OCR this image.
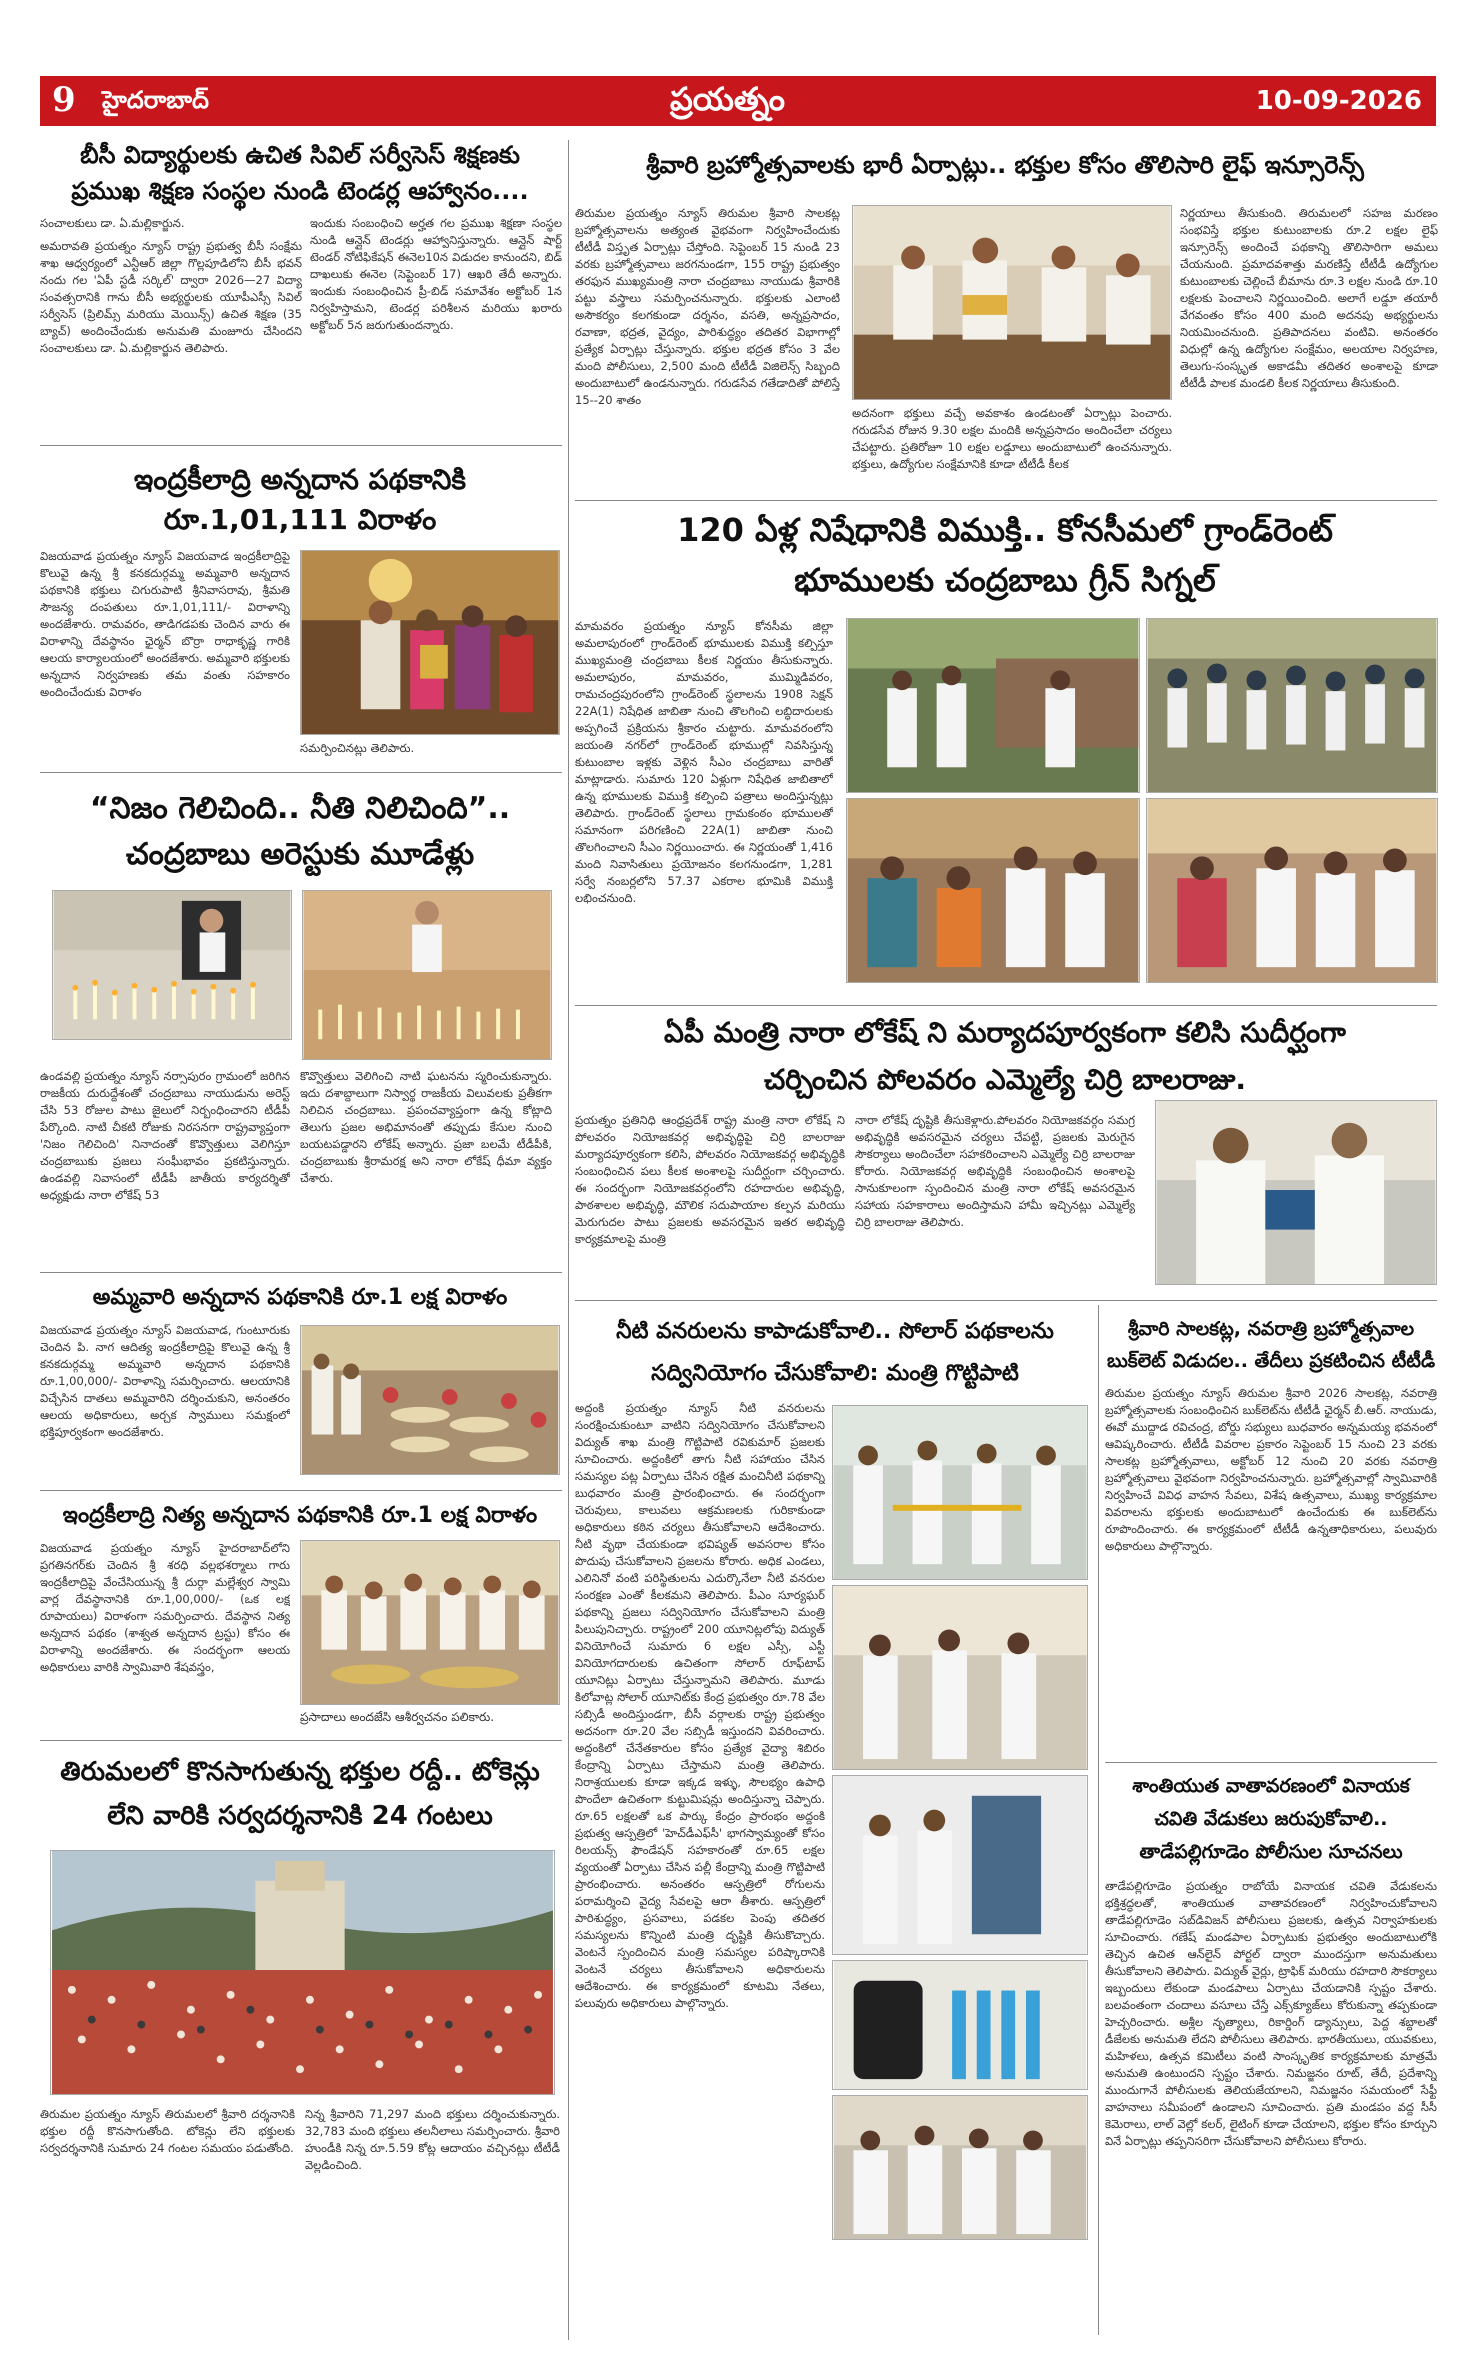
9 హైదరాబాద్	ప్రయత్నం	10-09-2026
బీసీ విద్యార్థులకు ఉచిత సివిల్ సర్వీసెస్ శిక్షణకు
ప్రముఖ శిక్షణ సంస్థల నుండి టెండర్ల ఆహ్వానం....
సంచాలకులు డా. ఏ.మల్లికార్జున.
అమరావతి ప్రయత్నం న్యూస్ రాష్ట్ర ప్రభుత్వ బీసీ సంక్షేమ శాఖ ఆధ్వర్యంలో ఎన్టీఆర్ జిల్లా గొల్లపూడిలోని బీసీ భవన్ నందు గల 'ఏపీ స్టడీ సర్కిల్' ద్వారా 2026—27 విద్యా సంవత్సరానికి గాను బీసీ అభ్యర్థులకు యూపీఎస్సీ సివిల్ సర్వీసెస్ (ప్రిలిమ్స్ మరియు మెయిన్స్) ఉచిత శిక్షణ (35 బ్యాచ్) అందించేందుకు అనుమతి మంజూరు చేసిందని సంచాలకులు డా. ఏ.మల్లికార్జున తెలిపారు.
ఇందుకు సంబంధించి అర్హత గల ప్రముఖ శిక్షణా సంస్థల నుండి ఆన్లైన్ టెండర్లు ఆహ్వానిస్తున్నారు. ఆన్లైన్ షార్ట్ టెండర్ నోటిఫికేషన్ ఈనెల10న విడుదల కానుందని, బిడ్ దాఖలుకు ఈనెల (సెప్టెంబర్ 17) ఆఖరి తేదీ అన్నారు. ఇందుకు సంబంధించిన ప్రీ-బిడ్ సమావేశం అక్టోబర్ 1న నిర్వహిస్తామని, టెండర్ల పరిశీలన మరియు ఖరారు అక్టోబర్ 5న జరుగుతుందన్నారు.
ఇంద్రకీలాద్రి అన్నదాన పథకానికి
రూ.1,01,111 విరాళం
విజయవాడ ప్రయత్నం న్యూస్ విజయవాడ ఇంద్రకీలాద్రిపై కొలువై ఉన్న శ్రీ కనకదుర్గమ్మ అమ్మవారి అన్నదాన పథకానికి భక్తులు చిగురుపాటి శ్రీనివాసరావు, శ్రీమతి సౌజన్య దంపతులు రూ.1,01,111/- విరాళాన్ని అందజేశారు. రామవరం, తాడిగడపకు చెందిన వారు ఈ విరాళాన్ని దేవస్థానం ఛైర్మన్ బొర్రా రాధాకృష్ణ గారికి ఆలయ కార్యాలయంలో అందజేశారు. అమ్మవారి భక్తులకు అన్నదాన నిర్వహణకు తమ వంతు సహకారం అందించేందుకు విరాళం
సమర్పించినట్లు తెలిపారు.
“నిజం గెలిచింది.. నీతి నిలిచింది”..
చంద్రబాబు అరెస్టుకు మూడేళ్లు
ఉండవల్లి ప్రయత్నం న్యూస్ నర్సాపురం గ్రామంలో జరిగిన రాజకీయ దురుద్దేశంతో చంద్రబాబు నాయుడును అరెస్ట్ చేసి 53 రోజుల పాటు జైలులో నిర్బంధించారని టీడీపీ పేర్కొంది. నాటి చీకటి రోజుకు నిరసనగా రాష్ట్రవ్యాప్తంగా 'నిజం గెలిచింది' నినాదంతో కొవ్వొత్తులు వెలిగిస్తూ చంద్రబాబుకు ప్రజలు సంఘీభావం ప్రకటిస్తున్నారు. ఉండవల్లి నివాసంలో టీడీపీ జాతీయ కార్యదర్శితో అధ్యక్షుడు నారా లోకేష్ 53
కొవ్వొత్తులు వెలిగించి నాటి ఘటనను స్మరించుకున్నారు. ఇదు దశాబ్దాలుగా నిస్వార్థ రాజకీయ విలువలకు ప్రతీకగా నిలిచిన చంద్రబాబు. ప్రపంచవ్యాప్తంగా ఉన్న కోట్లాది తెలుగు ప్రజల అభిమానంతో తప్పుడు కేసుల నుంచి బయటపడ్డారని లోకేష్ అన్నారు. ప్రజా బలమే టీడీపీకి, చంద్రబాబుకు శ్రీరామరక్ష అని నారా లోకేష్ ధీమా వ్యక్తం చేశారు.
అమ్మవారి అన్నదాన పథకానికి రూ.1 లక్ష విరాళం
విజయవాడ ప్రయత్నం న్యూస్ విజయవాడ, గుంటూరుకు చెందిన పి. నాగ ఆదిత్య ఇంద్రకీలాద్రిపై కొలువై ఉన్న శ్రీ కనకదుర్గమ్మ అమ్మవారి అన్నదాన పథకానికి రూ.1,00,000/- విరాళాన్ని సమర్పించారు. ఆలయానికి విచ్చేసిన దాతలు అమ్మవారిని దర్శించుకుని, అనంతరం ఆలయ అధికారులు, అర్చక స్వాములు సమక్షంలో భక్తిపూర్వకంగా అందజేశారు.
ఇంద్రకీలాద్రి నిత్య అన్నదాన పథకానికి రూ.1 లక్ష విరాళం
విజయవాడ ప్రయత్నం న్యూస్ హైదరాబాద్‌లోని ప్రగతినగర్‌కు చెందిన శ్రీ శరధి వల్లభశర్మాలు గారు ఇంద్రకీలాద్రిపై వేంచేసియున్న శ్రీ దుర్గా మల్లేశ్వర స్వామి వార్ల దేవస్థానానికి రూ.1,00,000/- (ఒక లక్ష రూపాయలు) విరాళంగా సమర్పించారు. దేవస్థాన నిత్య అన్నదాన పథకం (శాశ్వత అన్నదాన ట్రస్టు) కోసం ఈ విరాళాన్ని అందజేశారు. ఈ సందర్భంగా ఆలయ అధికారులు వారికి స్వామివారి శేషవస్త్రం,
ప్రసాదాలు అందజేసి ఆశీర్వచనం పలికారు.
తిరుమలలో కొనసాగుతున్న భక్తుల రద్దీ.. టోకెన్లు
లేని వారికి సర్వదర్శనానికి 24 గంటలు
తిరుమల ప్రయత్నం న్యూస్ తిరుమలలో శ్రీవారి దర్శనానికి భక్తుల రద్దీ కొనసాగుతోంది. టోకెన్లు లేని భక్తులకు సర్వదర్శనానికి సుమారు 24 గంటల సమయం పడుతోంది.
నిన్న శ్రీవారిని 71,297 మంది భక్తులు దర్శించుకున్నారు. 32,783 మంది భక్తులు తలనీలాలు సమర్పించారు. శ్రీవారి హుండీకి నిన్న రూ.5.59 కోట్ల ఆదాయం వచ్చినట్లు టీటీడీ వెల్లడించింది.
శ్రీవారి బ్రహ్మోత్సవాలకు భారీ ఏర్పాట్లు.. భక్తుల కోసం తొలిసారి లైఫ్ ఇన్సూరెన్స్
తిరుమల ప్రయత్నం న్యూస్ తిరుమల శ్రీవారి సాలకట్ల బ్రహ్మోత్సవాలను అత్యంత వైభవంగా నిర్వహించేందుకు టీటీడీ విస్తృత ఏర్పాట్లు చేస్తోంది. సెప్టెంబర్ 15 నుండి 23 వరకు బ్రహ్మోత్సవాలు జరగనుండగా, 155 రాష్ట్ర ప్రభుత్వం తరఫున ముఖ్యమంత్రి నారా చంద్రబాబు నాయుడు శ్రీవారికి పట్టు వస్త్రాలు సమర్పించనున్నారు. భక్తులకు ఎలాంటి అసౌకర్యం కలగకుండా దర్శనం, వసతి, అన్నప్రసాదం, రవాణా, భద్రత, వైద్యం, పారిశుద్ధ్యం తదితర విభాగాల్లో ప్రత్యేక ఏర్పాట్లు చేస్తున్నారు. భక్తుల భద్రత కోసం 3 వేల మంది పోలీసులు, 2,500 మంది టీటీడీ విజిలెన్స్ సిబ్బంది అందుబాటులో ఉండనున్నారు. గరుడసేవ గతేడాదితో పోలిస్తే 15--20 శాతం
అదనంగా భక్తులు వచ్చే అవకాశం ఉండటంతో ఏర్పాట్లు పెంచారు. గరుడసేవ రోజున 9.30 లక్షల మందికి అన్నప్రసాదం అందించేలా చర్యలు చేపట్టారు. ప్రతిరోజూ 10 లక్షల లడ్డూలు అందుబాటులో ఉంచనున్నారు. భక్తులు, ఉద్యోగుల సంక్షేమానికి కూడా టీటీడీ కీలక
నిర్ణయాలు తీసుకుంది. తిరుమలలో సహజ మరణం సంభవిస్తే భక్తుల కుటుంబాలకు రూ.2 లక్షల లైఫ్ ఇన్సూరెన్స్ అందించే పథకాన్ని తొలిసారిగా అమలు చేయనుంది. ప్రమాదవశాత్తు మరణిస్తే టీటీడీ ఉద్యోగుల కుటుంబాలకు చెల్లించే బీమాను రూ.3 లక్షల నుండి రూ.10 లక్షలకు పెంచాలని నిర్ణయించింది. అలాగే లడ్డూ తయారీ వేగవంతం కోసం 400 మంది అదనపు అభ్యర్థులను నియమించనుంది. ప్రతిపాదనలు వంటివి. అనంతరం విధుల్లో ఉన్న ఉద్యోగుల సంక్షేమం, అలయాల నిర్వహణ, తెలుగు-సంస్కృత అకాడమీ తదితర అంశాలపై కూడా టీటీడీ పాలక మండలి కీలక నిర్ణయాలు తీసుకుంది.
120 ఏళ్ల నిషేధానికి విముక్తి.. కోనసీమలో గ్రాండ్‌రెంట్
భూములకు చంద్రబాబు గ్రీన్ సిగ్నల్
మామవరం ప్రయత్నం న్యూస్ కోనసీమ జిల్లా అమలాపురంలో గ్రాండ్‌రెంట్ భూములకు విముక్తి కల్పిస్తూ ముఖ్యమంత్రి చంద్రబాబు కీలక నిర్ణయం తీసుకున్నారు. అమలాపురం, మామవరం, ముమ్మిడివరం, రామచంద్రపురంలోని గ్రాండ్‌రెంట్ స్థలాలను 1908 సెక్షన్ 22A(1) నిషేధిత జాబితా నుంచి తొలగించి లబ్ధిదారులకు అప్పగించే ప్రక్రియను శ్రీకారం చుట్టారు. మామవరంలోని జయంతి నగర్‌లో గ్రాండ్‌రెంట్ భూముల్లో నివసిస్తున్న కుటుంబాల ఇళ్లకు వెళ్లిన సీఎం చంద్రబాబు వారితో మాట్లాడారు. సుమారు 120 ఏళ్లుగా నిషేధిత జాబితాలో ఉన్న భూములకు విముక్తి కల్పించి పత్రాలు అందిస్తున్నట్లు తెలిపారు. గ్రాండ్‌రెంట్ స్థలాలు గ్రామకంఠం భూములతో సమానంగా పరిగణించి 22A(1) జాబితా నుంచి తొలగించాలని సీఎం నిర్ణయించారు. ఈ నిర్ణయంతో 1,416 మంది నివాసితులు ప్రయోజనం కలగనుండగా, 1,281 సర్వే నంబర్లలోని 57.37 ఎకరాల భూమికి విముక్తి లభించనుంది.
ఏపీ మంత్రి నారా లోకేష్ ని మర్యాదపూర్వకంగా కలిసి సుదీర్ఘంగా
చర్చించిన పోలవరం ఎమ్మెల్యే చిర్రి బాలరాజు.
ప్రయత్నం ప్రతినిధి ఆంధ్రప్రదేశ్ రాష్ట్ర మంత్రి నారా లోకేష్ ని పోలవరం నియోజకవర్గ అభివృద్ధిపై చిర్రి బాలరాజు మర్యాదపూర్వకంగా కలిసి, పోలవరం నియోజకవర్గ అభివృద్ధికి సంబంధించిన పలు కీలక అంశాలపై సుదీర్ఘంగా చర్చించారు. ఈ సందర్భంగా నియోజకవర్గంలోని రహదారుల అభివృద్ధి, పాఠశాలల అభివృద్ధి, మౌలిక సదుపాయాల కల్పన మరియు మెరుగుదల పాటు ప్రజలకు అవసరమైన ఇతర అభివృద్ధి కార్యక్రమాలపై మంత్రి
నారా లోకేష్ దృష్టికి తీసుకెళ్లారు.పోలవరం నియోజకవర్గం సమగ్ర అభివృద్ధికి అవసరమైన చర్యలు చేపట్టి, ప్రజలకు మెరుగైన సౌకర్యాలు అందించేలా సహకరించాలని ఎమ్మెల్యే చిర్రి బాలరాజు కోరారు. నియోజకవర్గ అభివృద్ధికి సంబంధించిన అంశాలపై సానుకూలంగా స్పందించిన మంత్రి నారా లోకేష్ అవసరమైన సహాయ సహకారాలు అందిస్తామని హామీ ఇచ్చినట్లు ఎమ్మెల్యే చిర్రి బాలరాజు తెలిపారు.
నీటి వనరులను కాపాడుకోవాలి.. సోలార్ పథకాలను
సద్వినియోగం చేసుకోవాలి: మంత్రి గొట్టిపాటి
అద్దంకి ప్రయత్నం న్యూస్ నీటి వనరులను సంరక్షించుకుంటూ వాటిని సద్వినియోగం చేసుకోవాలని విద్యుత్ శాఖ మంత్రి గొట్టిపాటి రవికుమార్ ప్రజలకు సూచించారు. అద్దంకిలో తాగు నీటి సహాయం చేసిన సమస్యల పట్ల ఏర్పాటు చేసిన రక్షిత మంచినీటి పథకాన్ని బుధవారం మంత్రి ప్రారంభించారు. ఈ సందర్భంగా చెరువులు, కాలువలు ఆక్రమణలకు గురికాకుండా అధికారులు కఠిన చర్యలు తీసుకోవాలని ఆదేశించారు. నీటి వృథా చేయకుండా భవిష్యత్ అవసరాల కోసం పొదుపు చేసుకోవాలని ప్రజలను కోరారు. అధిక ఎండలు, ఎలినినో వంటి పరిస్థితులను ఎదుర్కొనేలా నీటి వనరుల సంరక్షణ ఎంతో కీలకమని తెలిపారు. పీఎం సూర్యఘర్ పథకాన్ని ప్రజలు సద్వినియోగం చేసుకోవాలని మంత్రి పిలుపునిచ్చారు. రాష్ట్రంలో 200 యూనిట్లలోపు విద్యుత్ వినియోగించే సుమారు 6 లక్షల ఎస్సీ, ఎస్టీ వినియోగదారులకు ఉచితంగా సోలార్ రూఫ్‌టాప్ యూనిట్లు ఏర్పాటు చేస్తున్నామని తెలిపారు. మూడు కిలోవాట్ల సోలార్ యూనిట్‌కు కేంద్ర ప్రభుత్వం రూ.78 వేల సబ్సిడీ అందిస్తుండగా, బీసీ వర్గాలకు రాష్ట్ర ప్రభుత్వం అదనంగా రూ.20 వేల సబ్సిడీ ఇస్తుందని వివరించారు. అద్దంకిలో చేనేతకారుల కోసం ప్రత్యేక వైద్యా శిబిరం కేంద్రాన్ని ఏర్పాటు చేస్తామని మంత్రి తెలిపారు. నిరాశ్రయులకు కూడా ఇక్కడ ఇళ్ళు, సౌలభ్యం ఉపాధి పొందేలా ఉచితంగా కుట్టుమిషన్లు అందిస్తున్నా చెప్పారు. రూ.65 లక్షలతో ఒక పార్కు కేంద్రం ప్రారంభం అద్దంకి ప్రభుత్వ ఆస్పత్రిలో 'హెచ్‌డీఎఫ్‌సీ' భాగస్వామ్యంతో కోసం రిలయన్స్ ఫౌండేషన్ సహకారంతో రూ.65 లక్షల వ్యయంతో ఏర్పాటు చేసిన పల్లీ కేంద్రాన్ని మంత్రి గొట్టిపాటి ప్రారంభించారు. అనంతరం ఆస్పత్రిలో రోగులను పరామర్శించి వైద్య సేవలపై ఆరా తీశారు. ఆస్పత్రిలో పారిశుద్ధ్యం, ప్రసవాలు, పడకల పెంపు తదితర సమస్యలను కొన్నింటి మంత్రి దృష్టికి తీసుకొచ్చారు. వెంటనే స్పందించిన మంత్రి సమస్యల పరిష్కారానికి వెంటనే చర్యలు తీసుకోవాలని అధికారులను ఆదేశించారు. ఈ కార్యక్రమంలో కూటమి నేతలు, పలువురు అధికారులు పాల్గొన్నారు.
శ్రీవారి సాలకట్ల, నవరాత్రి బ్రహ్మోత్సవాల
బుక్‌లెట్ విడుదల.. తేదీలు ప్రకటించిన టీటీడీ
తిరుమల ప్రయత్నం న్యూస్ తిరుమల శ్రీవారి 2026 సాలకట్ల, నవరాత్రి బ్రహ్మోత్సవాలకు సంబంధించిన బుక్‌లెట్‌ను టీటీడీ ఛైర్మన్ బీ.ఆర్. నాయుడు, ఈవో ముద్దాడ రవిచంద్ర, బోర్డు సభ్యులు బుధవారం అన్నమయ్య భవనంలో ఆవిష్కరించారు. టీటీడీ వివరాల ప్రకారం సెప్టెంబర్ 15 నుంచి 23 వరకు సాలకట్ల బ్రహ్మోత్సవాలు, అక్టోబర్ 12 నుంచి 20 వరకు నవరాత్రి బ్రహ్మోత్సవాలు వైభవంగా నిర్వహించనున్నారు. బ్రహ్మోత్సవాల్లో స్వామివారికి నిర్వహించే వివిధ వాహన సేవలు, విశేష ఉత్సవాలు, ముఖ్య కార్యక్రమాల వివరాలను భక్తులకు అందుబాటులో ఉంచేందుకు ఈ బుక్‌లెట్‌ను రూపొందించారు. ఈ కార్యక్రమంలో టీటీడీ ఉన్నతాధికారులు, పలువురు అధికారులు పాల్గొన్నారు.
శాంతియుత వాతావరణంలో వినాయక
చవితి వేడుకలు జరుపుకోవాలి..
తాడేపల్లిగూడెం పోలీసుల సూచనలు
తాడేపల్లిగూడెం ప్రయత్నం రాబోయే వినాయక చవితి వేడుకలను భక్తిశ్రద్ధలతో, శాంతియుత వాతావరణంలో నిర్వహించుకోవాలని తాడేపల్లిగూడెం సబ్‌డివిజన్ పోలీసులు ప్రజలకు, ఉత్సవ నిర్వాహకులకు సూచించారు. గణేష్ మండపాల ఏర్పాటుకు ప్రభుత్వం అందుబాటులోకి తెచ్చిన ఉచిత ఆన్‌లైన్ పోర్టల్ ద్వారా ముందస్తుగా అనుమతులు తీసుకోవాలని తెలిపారు. విద్యుత్ వైర్లు, ట్రాఫిక్ మరియు రహదారి సౌకర్యాలు ఇబ్బందులు లేకుండా మండపాలు ఏర్పాటు చేయడానికి స్పష్టం చేశారు. బలవంతంగా చందాలు వసూలు చేస్తే ఎక్స్‌క్యూజ్‌లు కోరుకున్నా తప్పకుండా హెచ్చరించారు. అశ్లీల నృత్యాలు, రికార్డింగ్ డ్యాన్సులు, పెద్ద శబ్దాలతో డీజేలకు అనుమతి లేదని పోలీసులు తెలిపారు. భారతీయులు, యువకులు, మహిళలు, ఉత్సవ కమిటీలు వంటి సాంస్కృతిక కార్యక్రమాలకు మాత్రమే అనుమతి ఉంటుందని స్పష్టం చేశారు. నిమజ్జనం రూట్, తేదీ, ప్రదేశాన్ని ముందుగానే పోలీసులకు తెలియజేయాలని, నిమజ్జనం సమయంలో సేఫ్టీ వాహనాలు సమీపంలో ఉండాలని సూచించారు. ప్రతి మండపం వద్ద సీసీ కెమెరాలు, లాల్ వెల్లో కలర్, లైటింగ్ కూడా చేయాలని, భక్తుల కోసం కూర్చుని వినే ఏర్పాట్లు తప్పనిసరిగా చేసుకోవాలని పోలీసులు కోరారు.
